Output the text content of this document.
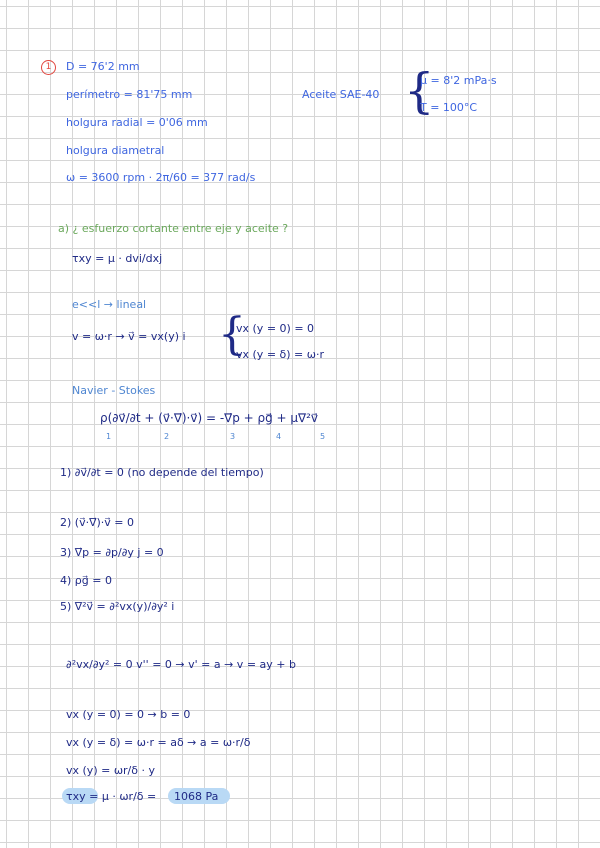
1	D = 76'2 mm
perímetro = 81'75 mm
holgura radial = 0'06 mm
holgura diametral
ω = 3600 rpm · 2π/60 = 377 rad/s
Aceite SAE-40 {
μ = 8'2 mPa·s
T = 100°C
a) ¿ esfuerzo cortante entre eje y aceite ?
τxy = μ · dvi/dxj
e<<l → lineal
v = ω·r → v⃗ = vx(y) i {
vx (y = 0) = 0
vx (y = δ) = ω·r
Navier - Stokes
ρ(∂v⃗/∂t + (v⃗·∇⃗)·v⃗) = -∇⃗p + ρg⃗ + μ∇²v⃗
1	2	3	4	5
1) ∂v⃗/∂t = 0 (no depende del tiempo)
2) (v⃗·∇⃗)·v⃗ = 0
3) ∇⃗p = ∂p/∂y j = 0
4) ρg⃗ = 0
5) ∇²v⃗ = ∂²vx(y)/∂y² i
∂²vx/∂y² = 0 v'' = 0 → v' = a → v = ay + b
vx (y = 0) = 0 → b = 0
vx (y = δ) = ω·r = aδ → a = ω·r/δ
vx (y) = ωr/δ · y
τxy = μ · ωr/δ = 1068 Pa
